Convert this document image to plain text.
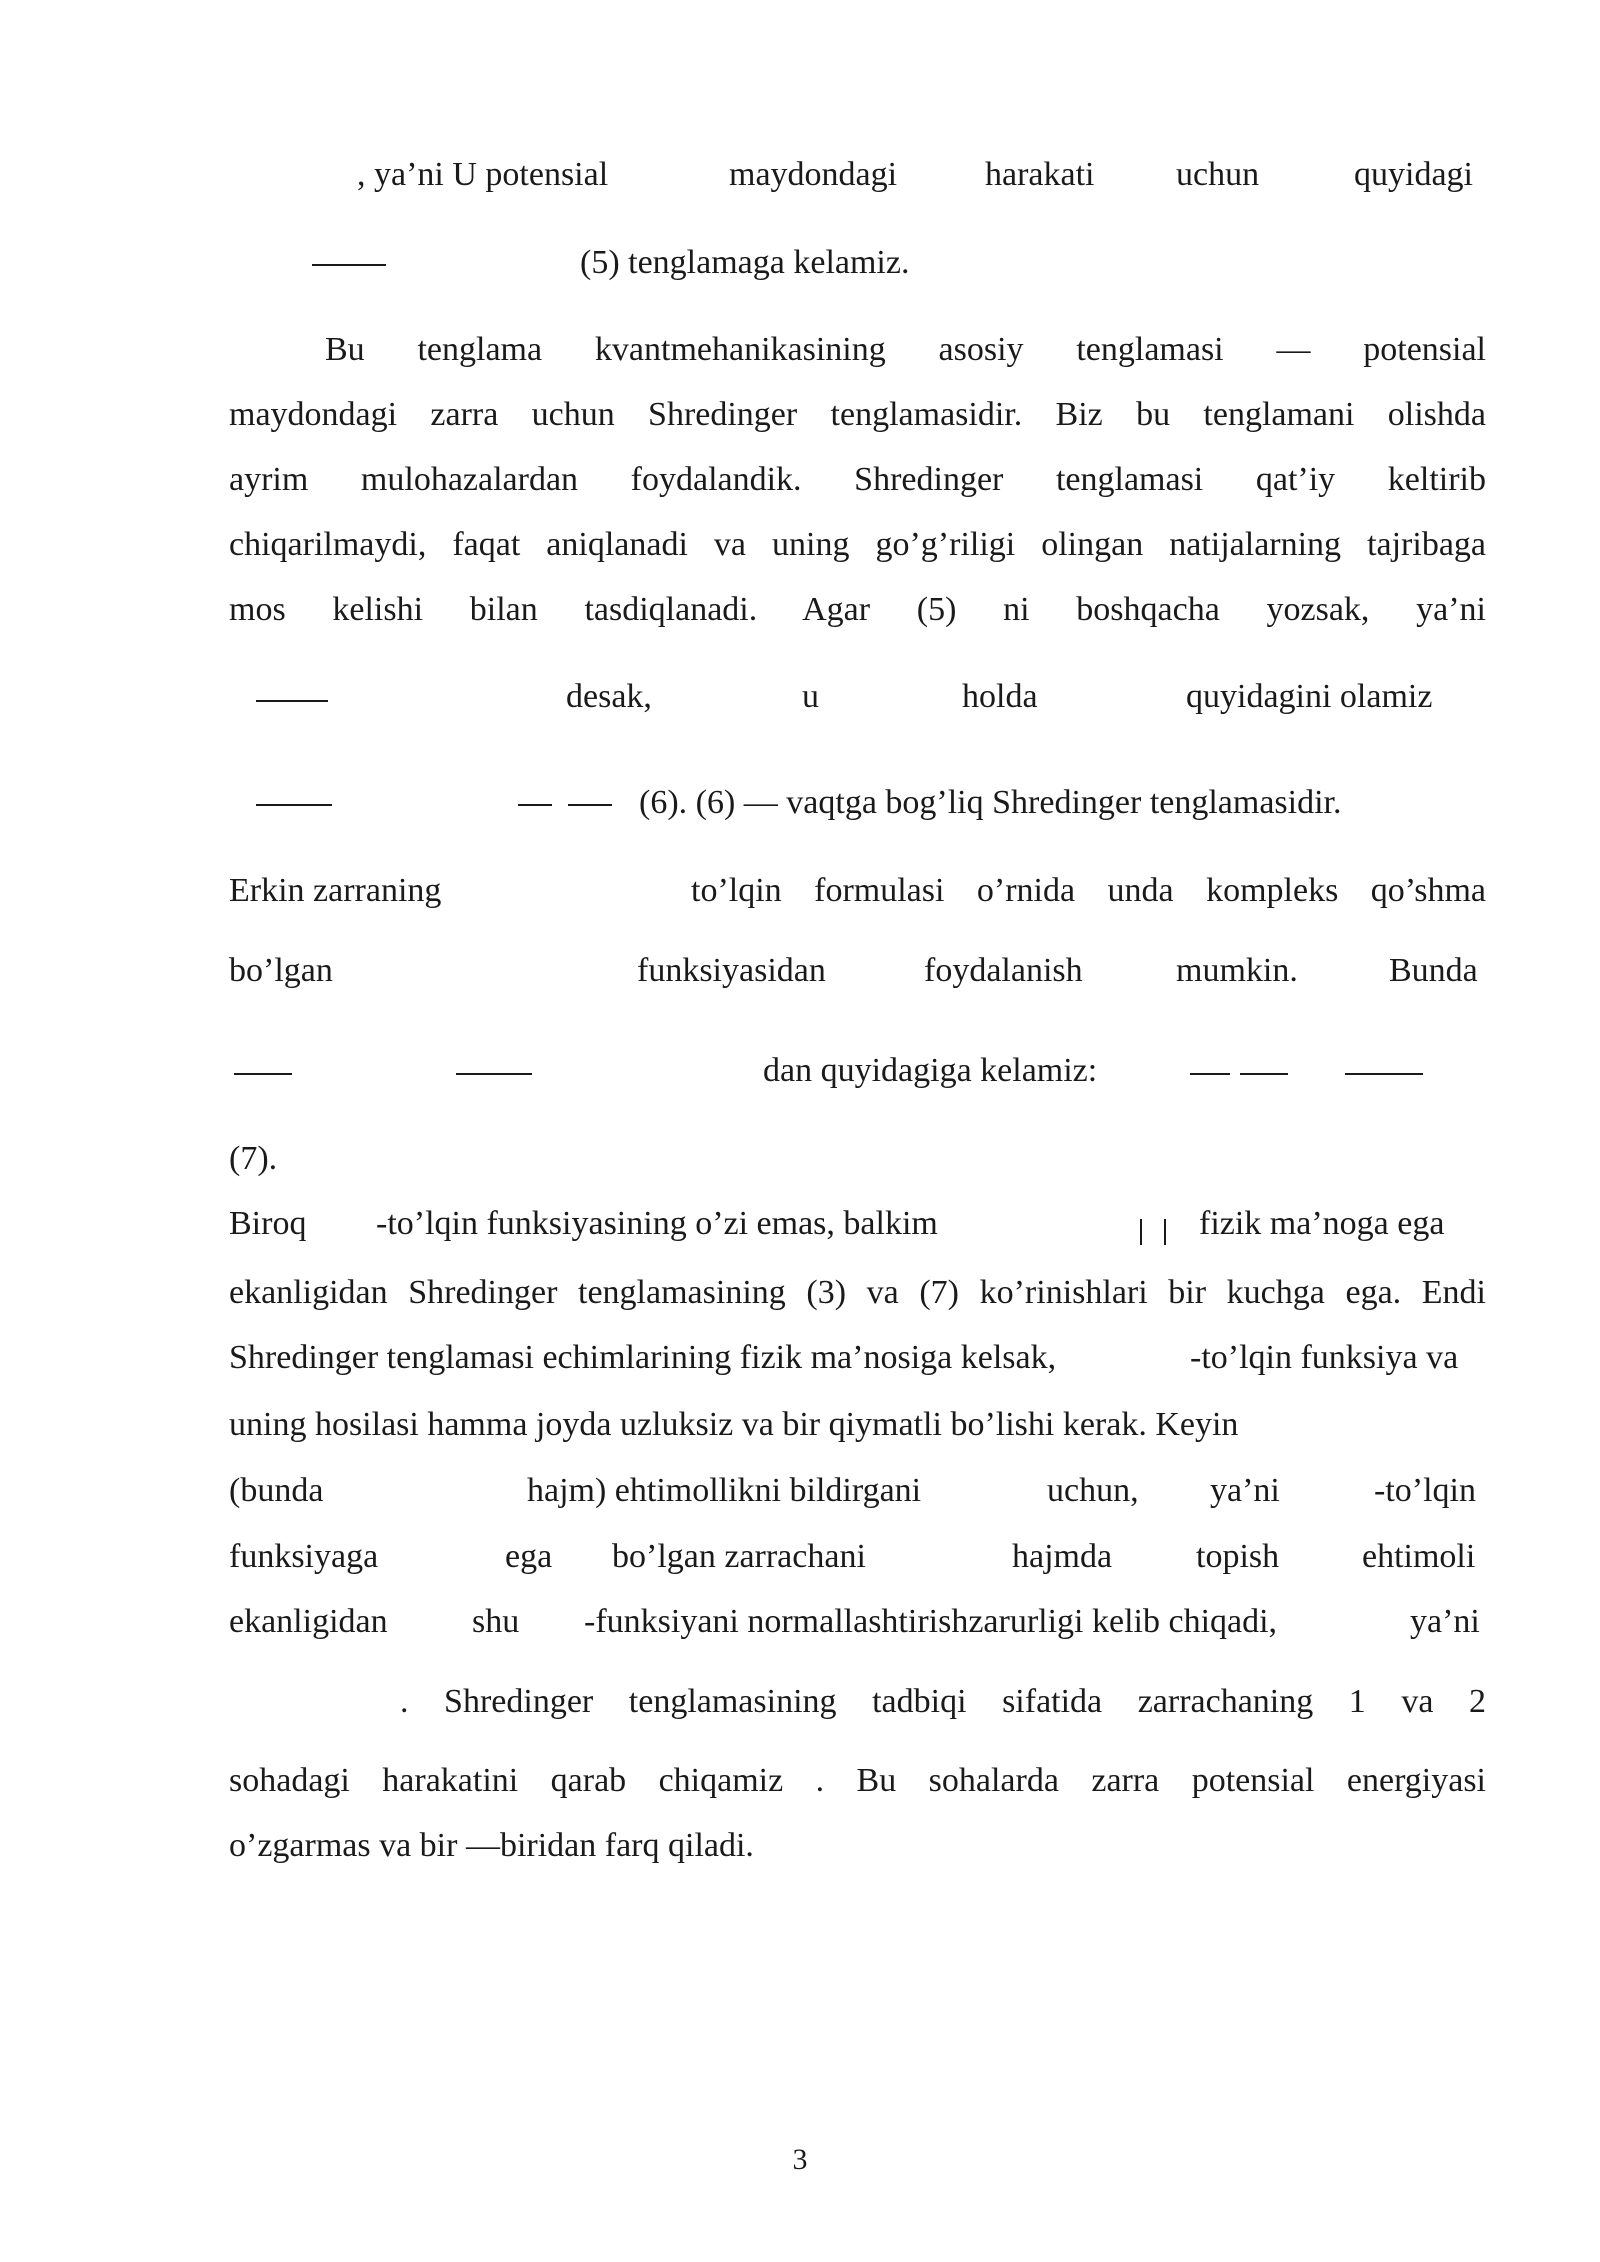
, ya’ni U potensial	maydondagi	harakati uchun	quyidagi
(5) tenglamaga kelamiz.
Bu tenglama kvantmehanikasining asosiy tenglamasi — potensial
maydondagi zarra uchun Shredinger tenglamasidir. Biz bu tenglamani olishda
ayrim mulohazalardan foydalandik. Shredinger tenglamasi qat’iy keltirib
chiqarilmaydi, faqat aniqlanadi va uning go’g’riligi olingan natijalarning tajribaga
mos kelishi bilan tasdiqlanadi. Agar (5) ni boshqacha yozsak, ya’ni
desak,	u	holda	quyidagini olamiz
(6). (6) — vaqtga bog’liq Shredinger tenglamasidir.
Erkin zarraning	to’lqin formulasi o’rnida unda kompleks qo’shma
bo’lgan	funksiyasidan	foydalanish	mumkin.	Bunda
dan quyidagiga kelamiz:
(7).
Biroq -to’lqin funksiyasining o’zi emas, balkim	fizik ma’noga ega
ekanligidan Shredinger tenglamasining (3) va (7) ko’rinishlari bir kuchga ega. Endi
Shredinger tenglamasi echimlarining fizik ma’nosiga kelsak,	-to’lqin funksiya va
uning hosilasi hamma joyda uzluksiz va bir qiymatli bo’lishi kerak. Keyin
(bunda	hajm) ehtimollikni bildirgani	uchun, ya’ni	-to’lqin
funksiyaga	ega bo’lgan zarrachani	hajmda topish ehtimoli
ekanligidan shu -funksiyani normallashtirishzarurligi kelib chiqadi,	ya’ni
. Shredinger tenglamasining tadbiqi sifatida zarrachaning 1 va 2
sohadagi harakatini qarab chiqamiz . Bu sohalarda zarra potensial energiyasi
o’zgarmas va bir —biridan farq qiladi.
3
